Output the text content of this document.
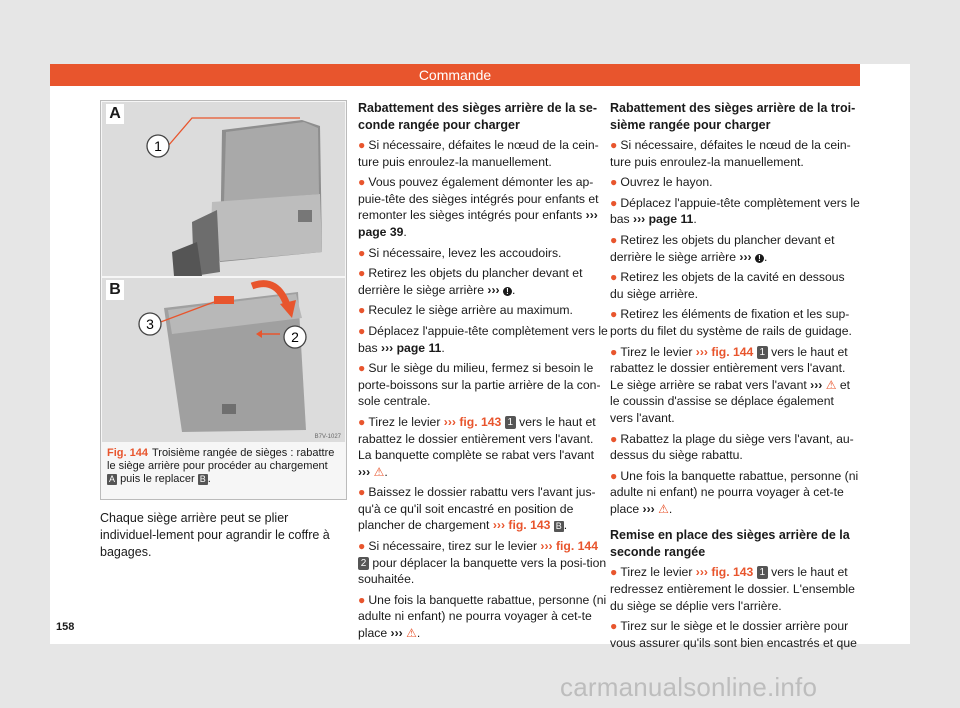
Commande
1
A
3
2
B
B7V-1027
Fig. 144 Troisième rangée de sièges : rabattre le siège arrière pour procéder au chargement A puis le replacer B .
Chaque siège arrière peut se plier individuel-lement pour agrandir le coffre à bagages.
Rabattement des sièges arrière de la se-conde rangée pour charger

● Si nécessaire, défaites le nœud de la cein-ture puis enroulez-la manuellement.

● Vous pouvez également démonter les ap-puie-tête des sièges intégrés pour enfants et remonter les sièges intégrés pour enfants ››› page 39.

● Si nécessaire, levez les accoudoirs.

● Retirez les objets du plancher devant et derrière le siège arrière ››› ! .

● Reculez le siège arrière au maximum.

● Déplacez l'appuie-tête complètement vers le bas ››› page 11.

● Sur le siège du milieu, fermez si besoin le porte-boissons sur la partie arrière de la con-sole centrale.

● Tirez le levier ››› fig. 143 1 vers le haut et rabattez le dossier entièrement vers l'avant. La banquette complète se rabat vers l'avant ››› ⚠.

● Baissez le dossier rabattu vers l'avant jus-qu'à ce qu'il soit encastré en position de plancher de chargement ››› fig. 143 B .

● Si nécessaire, tirez sur le levier ››› fig. 144 2 pour déplacer la banquette vers la posi-tion souhaitée.

● Une fois la banquette rabattue, personne (ni adulte ni enfant) ne pourra voyager à cet-te place ››› ⚠.

Rabattement des sièges arrière de la troi-sième rangée pour charger

● Si nécessaire, défaites le nœud de la cein-ture puis enroulez-la manuellement.

● Ouvrez le hayon.

● Déplacez l'appuie-tête complètement vers le bas ››› page 11.

● Retirez les objets du plancher devant et derrière le siège arrière ››› ! .

● Retirez les objets de la cavité en dessous du siège arrière.

● Retirez les éléments de fixation et les sup-ports du filet du système de rails de guidage.

● Tirez le levier ››› fig. 144 1 vers le haut et rabattez le dossier entièrement vers l'avant. Le siège arrière se rabat vers l'avant ››› ⚠ et le coussin d'assise se déplace également vers l'avant.

● Rabattez la plage du siège vers l'avant, au-dessus du siège rabattu.

● Une fois la banquette rabattue, personne (ni adulte ni enfant) ne pourra voyager à cet-te place ››› ⚠.

Remise en place des sièges arrière de la seconde rangée

● Tirez le levier ››› fig. 143 1 vers le haut et redressez entièrement le dossier. L'ensemble du siège se déplie vers l'arrière.

● Tirez sur le siège et le dossier arrière pour vous assurer qu'ils sont bien encastrés et que

158
carmanualsonline.info
